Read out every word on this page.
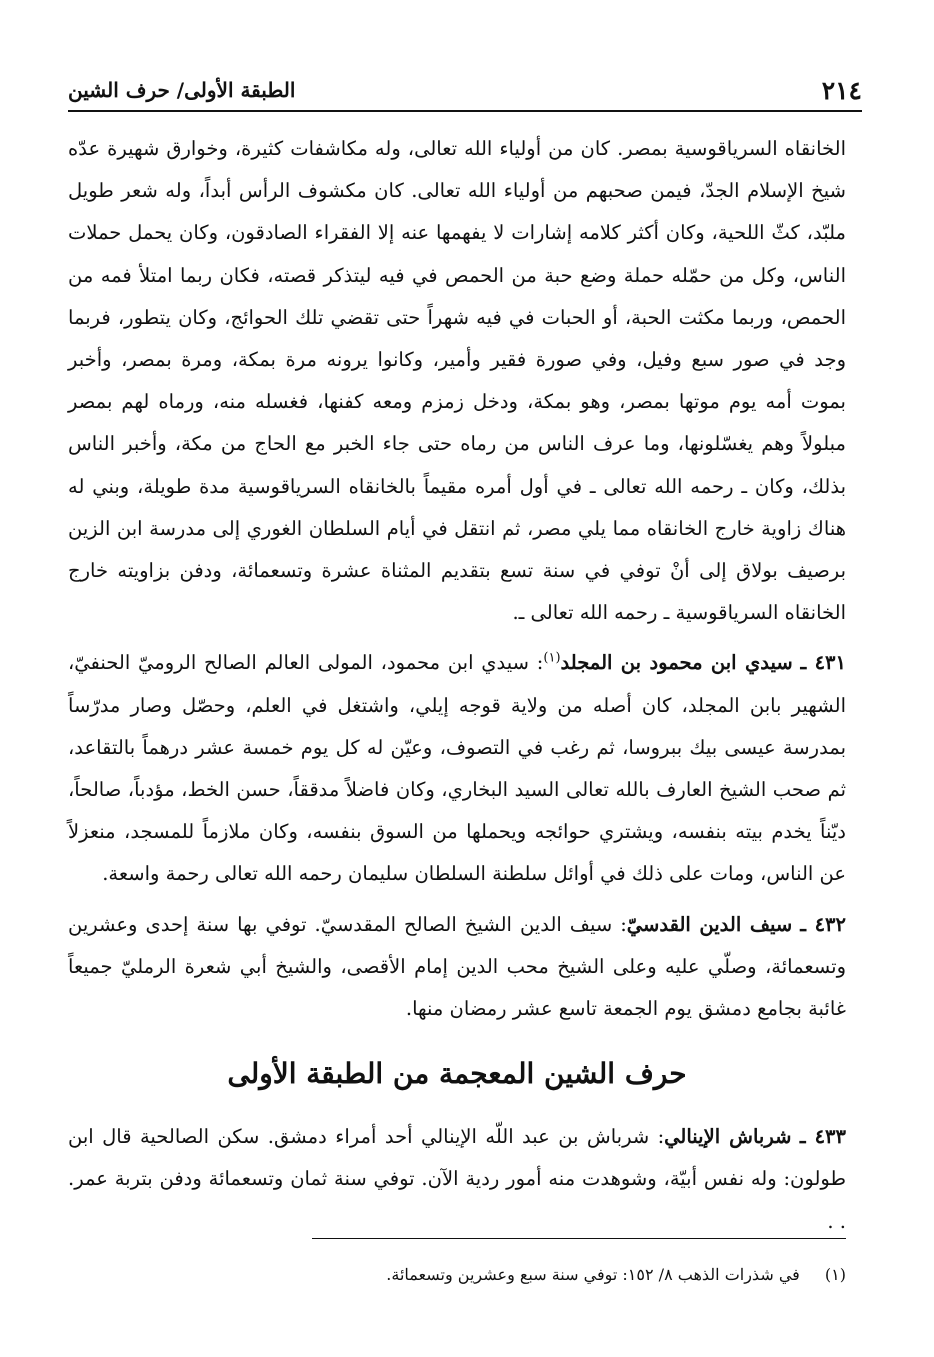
٢١٤
الطبقة الأولى/ حرف الشين

الخانقاه السرياقوسية بمصر. كان من أولياء الله تعالى، وله مكاشفات كثيرة، وخوارق شهيرة عدّه شيخ الإسلام الجدّ، فيمن صحبهم من أولياء الله تعالى. كان مكشوف الرأس أبداً، وله شعر طويل ملبّد، كثّ اللحية، وكان أكثر كلامه إشارات لا يفهمها عنه إلا الفقراء الصادقون، وكان يحمل حملات الناس، وكل من حمّله حملة وضع حبة من الحمص في فيه ليتذكر قصته، فكان ربما امتلأ فمه من الحمص، وربما مكثت الحبة، أو الحبات في فيه شهراً حتى تقضي تلك الحوائج، وكان يتطور، فربما وجد في صور سبع وفيل، وفي صورة فقير وأمير، وكانوا يرونه مرة بمكة، ومرة بمصر، وأخبر بموت أمه يوم موتها بمصر، وهو بمكة، ودخل زمزم ومعه كفنها، فغسله منه، ورماه لهم بمصر مبلولاً وهم يغسّلونها، وما عرف الناس من رماه حتى جاء الخبر مع الحاج من مكة، وأخبر الناس بذلك، وكان ـ رحمه الله تعالى ـ في أول أمره مقيماً بالخانقاه السرياقوسية مدة طويلة، وبني له هناك زاوية خارج الخانقاه مما يلي مصر، ثم انتقل في أيام السلطان الغوري إلى مدرسة ابن الزين برصيف بولاق إلى أنْ توفي في سنة تسع بتقديم المثناة عشرة وتسعمائة، ودفن بزاويته خارج الخانقاه السرياقوسية ـ رحمه الله تعالى ـ.

٤٣١ ـ سيدي ابن محمود بن المجلد$^{(١)}$: سيدي ابن محمود، المولى العالم الصالح الروميّ الحنفيّ، الشهير بابن المجلد، كان أصله من ولاية قوجه إيلي، واشتغل في العلم، وحصّل وصار مدرّساً بمدرسة عيسى بيك ببروسا، ثم رغب في التصوف، وعيّن له كل يوم خمسة عشر درهماً بالتقاعد، ثم صحب الشيخ العارف بالله تعالى السيد البخاري، وكان فاضلاً مدققاً، حسن الخط، مؤدباً، صالحاً، ديّناً يخدم بيته بنفسه، ويشتري حوائجه ويحملها من السوق بنفسه، وكان ملازماً للمسجد، منعزلاً عن الناس، ومات على ذلك في أوائل سلطنة السلطان سليمان رحمه الله تعالى رحمة واسعة.

٤٣٢ ـ سيف الدين القدسيّ: سيف الدين الشيخ الصالح المقدسيّ. توفي بها سنة إحدى وعشرين وتسعمائة، وصلّي عليه وعلى الشيخ محب الدين إمام الأقصى، والشيخ أبي شعرة الرمليّ جميعاً غائبة بجامع دمشق يوم الجمعة تاسع عشر رمضان منها.

حرف الشين المعجمة من الطبقة الأولى

٤٣٣ ـ شرباش الإينالي: شرباش بن عبد اللّه الإينالي أحد أمراء دمشق. سكن الصالحية قال ابن طولون: وله نفس أبيّة، وشوهدت منه أمور ردية الآن. توفي سنة ثمان وتسعمائة ودفن بتربة عمر. . .

(١) في شذرات الذهب ٨/ ١٥٢: توفي سنة سبع وعشرين وتسعمائة.
